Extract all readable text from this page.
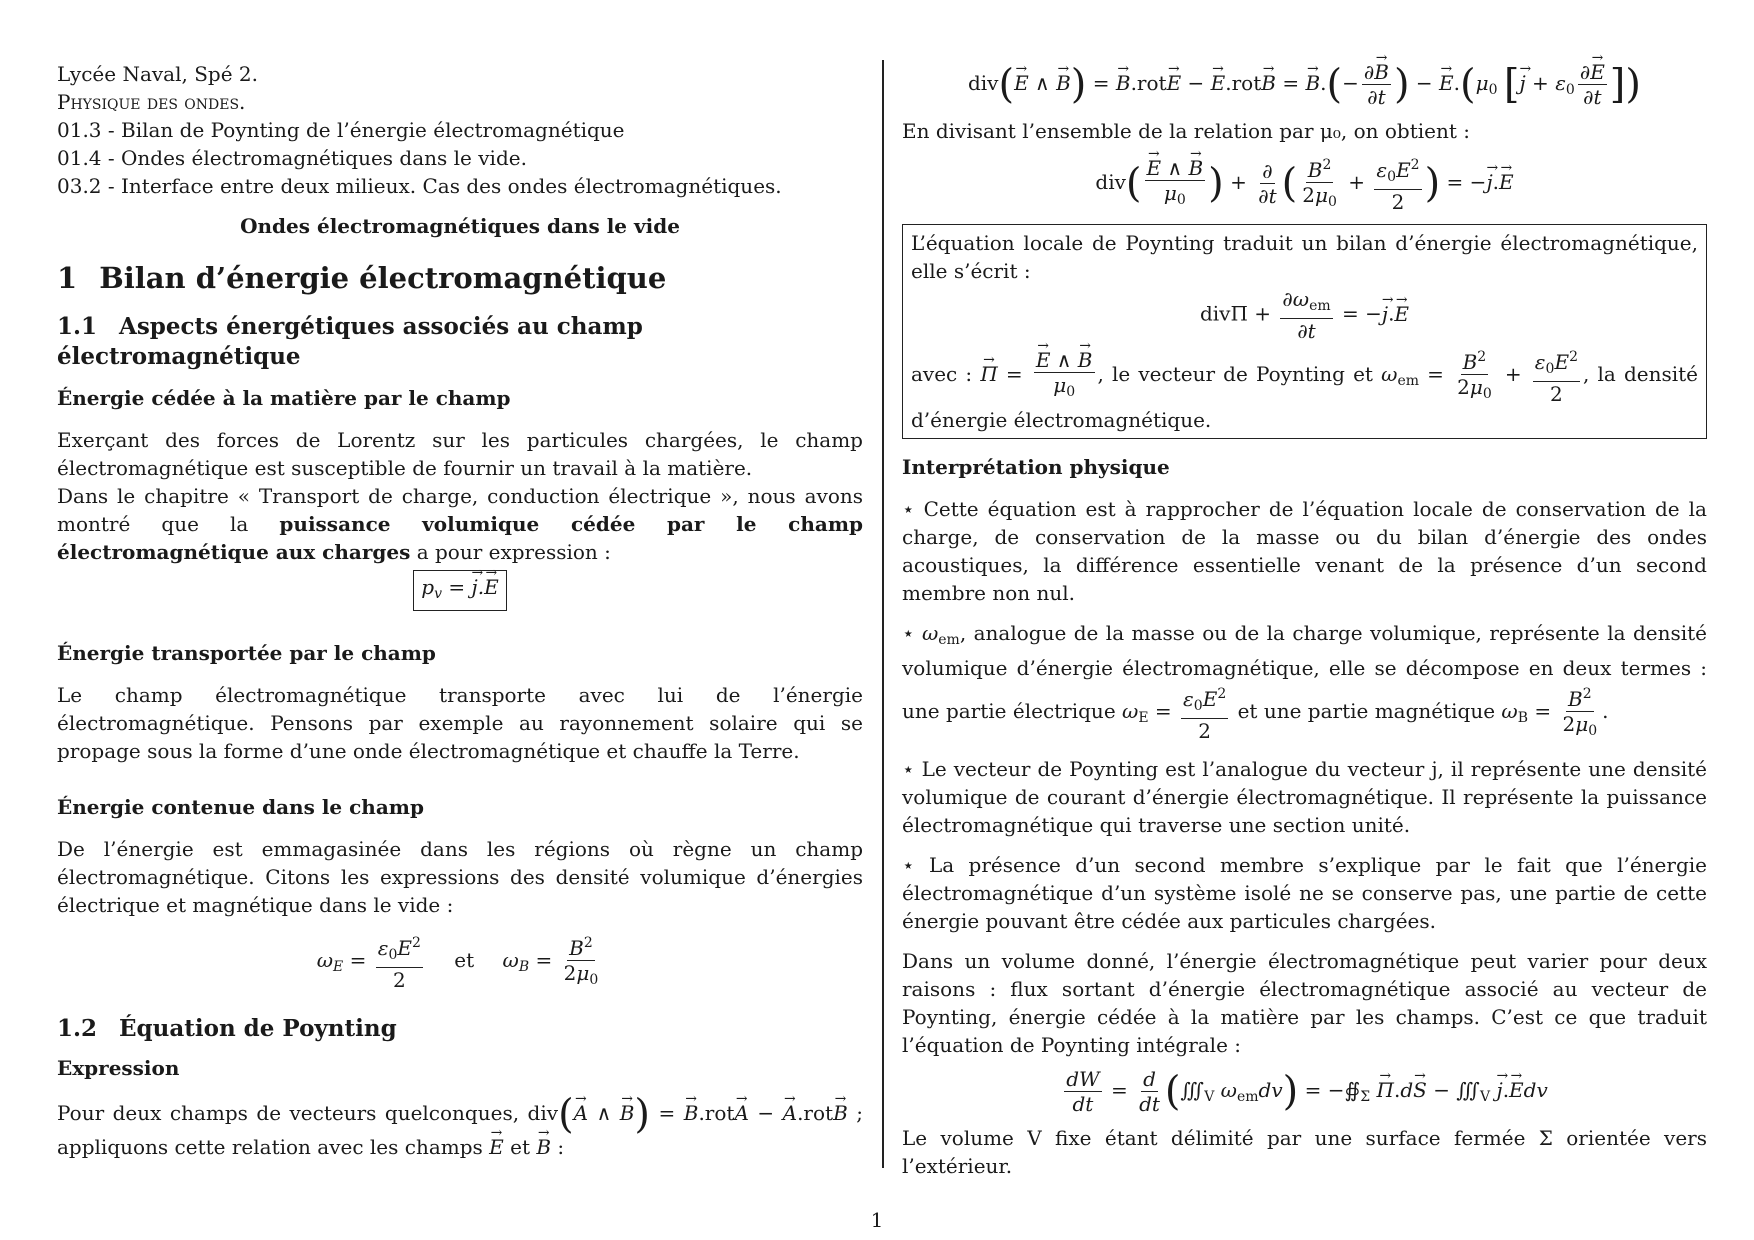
Lycée Naval, Spé 2.

Physique des ondes.

01.3 - Bilan de Poynting de l’énergie électromagnétique

01.4 - Ondes électromagnétiques dans le vide.

03.2 - Interface entre deux milieux. Cas des ondes électromagnétiques.

Ondes électromagnétiques dans le vide
1 Bilan d’énergie électromagnétique
1.1 Aspects énergétiques associés au champ électromagnétique
Énergie cédée à la matière par le champ

Exerçant des forces de Lorentz sur les particules chargées, le champ électromagnétique est susceptible de fournir un travail à la matière.

Dans le chapitre « Transport de charge, conduction électrique », nous avons montré que la puissance volumique cédée par le champ électromagnétique aux charges a pour expression :

$p_v$ = → j.→ E
Énergie transportée par le champ

Le champ électromagnétique transporte avec lui de l’énergie électromagnétique. Pensons par exemple au rayonnement solaire qui se propage sous la forme d’une onde électromagnétique et chauffe la Terre.

Énergie contenue dans le champ

De l’énergie est emmagasinée dans les régions où règne un champ électromagnétique. Citons les expressions des densité volumique d’énergies électrique et magnétique dans le vide :

$\omega_E = \frac{\varepsilon_0E^2}{2}$ et $\omega_B = \frac{B^2}{2\mu_0}$
1.2 Équation de Poynting
Expression

Pour deux champs de vecteurs quelconques, div(→ A ∧ → B) = → B.rot→ A − → A.rot→ B ; appliquons cette relation avec les champs → E et → B :

div(→ E ∧ → B) = → B.rot→ E − → E.rot→ B = → $B.(- \frac{\partial\to B}{\partial t}$ ) − → $E.(\mu_0$ [→ $j + \varepsilon_0 \frac{\partial\to E}{\partial t}$ ])

En divisant l’ensemble de la relation par μ₀, on obtient :

div(
→ $\frac{E \wedge \to B}{\mu_0}$ ) + $\frac{\partial}{\partial t}$ ( $\frac{B^2}{2\mu_0} + \frac{\varepsilon_0E^2}{2}$ ) = −→ j.→ E

L’équation locale de Poynting traduit un bilan d’énergie électromagnétique, elle s’écrit :

$div\Pi + \frac{\partial\omega_{em}}{\partial t}$ = −→ j.→ E

avec : → Π =
→ $\frac{E \wedge \to B}{\mu_0}$ , le vecteur de Poynting et $\omega_{em} = \frac{B^2}{2\mu_0} + \frac{\varepsilon_0E^2}{2}$ , la densité d’énergie électromagnétique.

Interprétation physique

⋆ Cette équation est à rapprocher de l’équation locale de conservation de la charge, de conservation de la masse ou du bilan d’énergie des ondes acoustiques, la différence essentielle venant de la présence d’un second membre non nul.

⋆ $\omega_{em}$, analogue de la masse ou de la charge volumique, représente la densité volumique d’énergie électromagnétique, elle se décompose en deux termes : une partie électrique $\omega_E = \frac{\varepsilon_0E^2}{2}$ et une partie magnétique $\omega_B = \frac{B^2}{2\mu_0}$ .

⋆ Le vecteur de Poynting est l’analogue du vecteur j, il représente une densité volumique de courant d’énergie électromagnétique. Il représente la puissance électromagnétique qui traverse une section unité.

⋆ La présence d’un second membre s’explique par le fait que l’énergie électromagnétique d’un système isolé ne se conserve pas, une partie de cette énergie pouvant être cédée aux particules chargées.

Dans un volume donné, l’énergie électromagnétique peut varier pour deux raisons : flux sortant d’énergie électromagnétique associé au vecteur de Poynting, énergie cédée à la matière par les champs. C’est ce que traduit l’équation de Poynting intégrale :

$\frac{dW}{dt} = \frac{d}{dt}$ ($∭_V$ $\omega_{em}dv$) = $-∯_\Sigma \to \Pi.d\to S$ − $∭_V \to j.\to$ Edv

Le volume V fixe étant délimité par une surface fermée Σ orientée vers l’extérieur.

1
